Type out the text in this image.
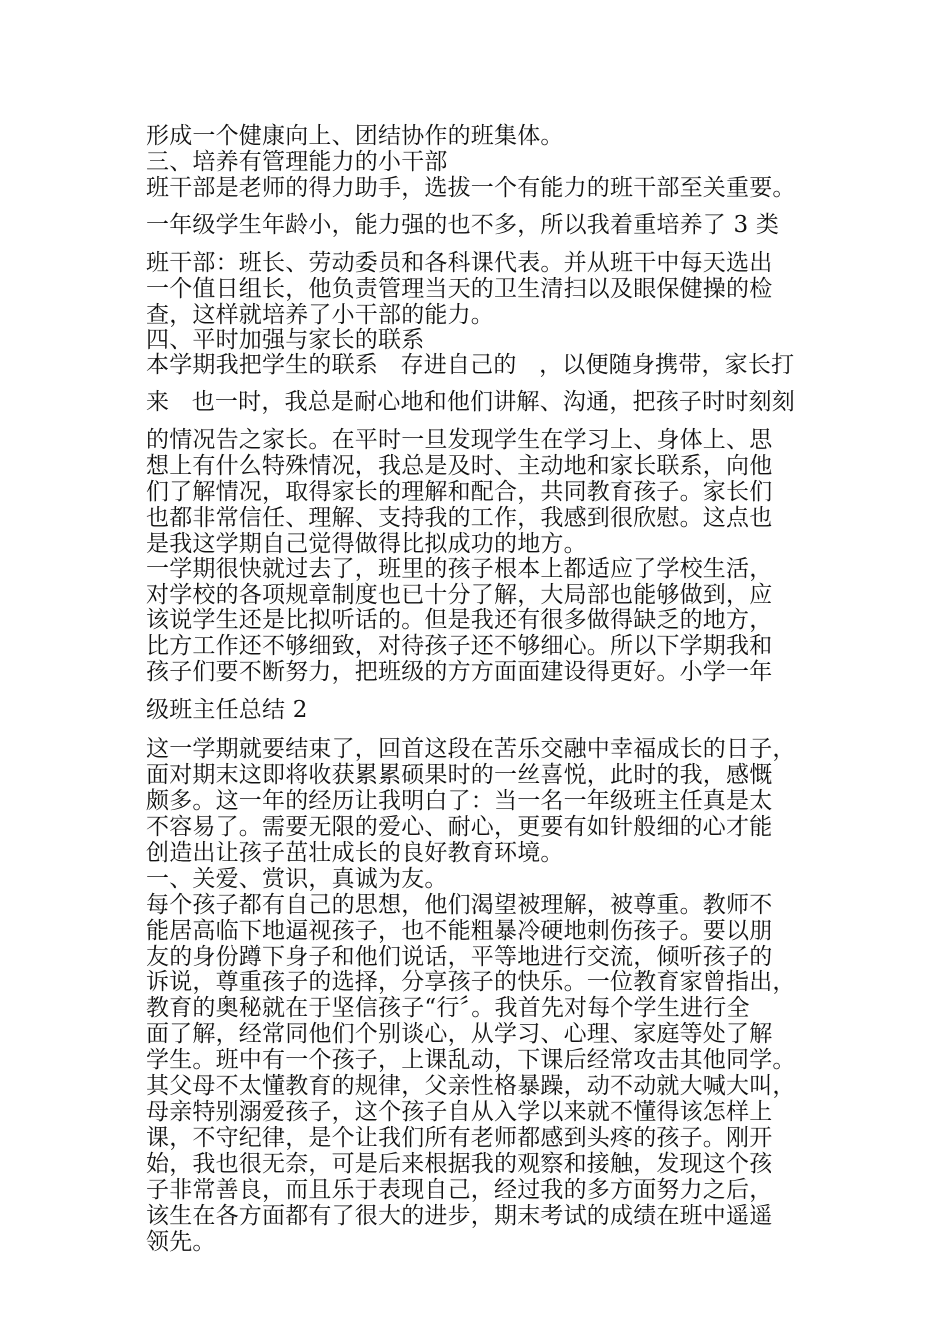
形成一个健康向上、团结协作的班集体。
三、培养有管理能力的小干部
班干部是老师的得力助手，选拔一个有能力的班干部至关重要。
一年级学生年龄小，能力强的也不多，所以我着重培养了 3 类
班干部：班长、劳动委员和各科课代表。并从班干中每天选出
一个值日组长，他负责管理当天的卫生清扫以及眼保健操的检
查，这样就培养了小干部的能力。
四、平时加强与家长的联系
本学期我把学生的联系   存进自己的   ，以便随身携带，家长打
来   也一时，我总是耐心地和他们讲解、沟通，把孩子时时刻刻
的情况告之家长。在平时一旦发现学生在学习上、身体上、思
想上有什么特殊情况，我总是及时、主动地和家长联系，向他
们了解情况，取得家长的理解和配合，共同教育孩子。家长们
也都非常信任、理解、支持我的工作，我感到很欣慰。这点也
是我这学期自己觉得做得比拟成功的地方。
一学期很快就过去了，班里的孩子根本上都适应了学校生活，
对学校的各项规章制度也已十分了解，大局部也能够做到，应
该说学生还是比拟听话的。但是我还有很多做得缺乏的地方，
比方工作还不够细致，对待孩子还不够细心。所以下学期我和
孩子们要不断努力，把班级的方方面面建设得更好。小学一年
级班主任总结 2
这一学期就要结束了，回首这段在苦乐交融中幸福成长的日子，
面对期末这即将收获累累硕果时的一丝喜悦，此时的我，感慨
颇多。这一年的经历让我明白了：当一名一年级班主任真是太
不容易了。需要无限的爱心、耐心，更要有如针般细的心才能
创造出让孩子茁壮成长的良好教育环境。
一、关爱、赏识，真诚为友。
每个孩子都有自己的思想，他们渴望被理解，被尊重。教师不
能居高临下地逼视孩子，也不能粗暴冷硬地刺伤孩子。要以朋
友的身份蹲下身子和他们说话，平等地进行交流，倾听孩子的
诉说，尊重孩子的选择，分享孩子的快乐。一位教育家曾指出，
教育的奥秘就在于坚信孩子“行〞。我首先对每个学生进行全
面了解，经常同他们个别谈心，从学习、心理、家庭等处了解
学生。班中有一个孩子，上课乱动，下课后经常攻击其他同学。
其父母不太懂教育的规律，父亲性格暴躁，动不动就大喊大叫，
母亲特别溺爱孩子，这个孩子自从入学以来就不懂得该怎样上
课，不守纪律，是个让我们所有老师都感到头疼的孩子。刚开
始，我也很无奈，可是后来根据我的观察和接触，发现这个孩
子非常善良，而且乐于表现自己，经过我的多方面努力之后，
该生在各方面都有了很大的进步，期末考试的成绩在班中遥遥
领先。
